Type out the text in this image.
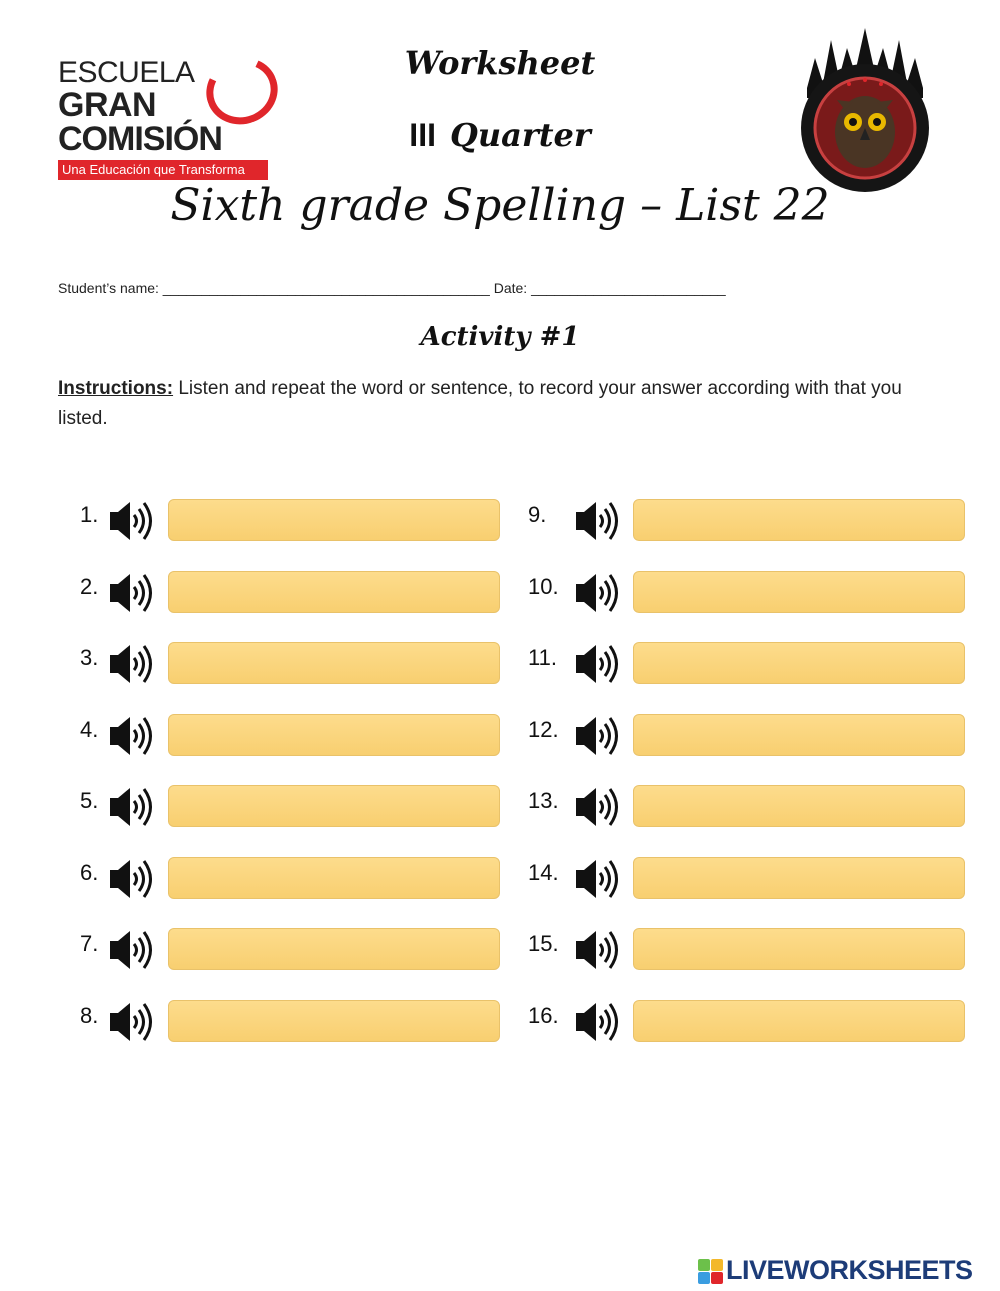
ESCUELA
GRAN
COMISIÓN
Una Educación que Transforma
Worksheet
III Quarter
Sixth grade Spelling – List 22
Student’s name: __________________________________________ Date: _________________________
Activity #1
Instructions: Listen and repeat the word or sentence, to record your answer according with that you listed.
1.
2.
3.
4.
5.
6.
7.
8.
9.
10.
11.
12.
13.
14.
15.
16.
LIVEWORKSHEETS
